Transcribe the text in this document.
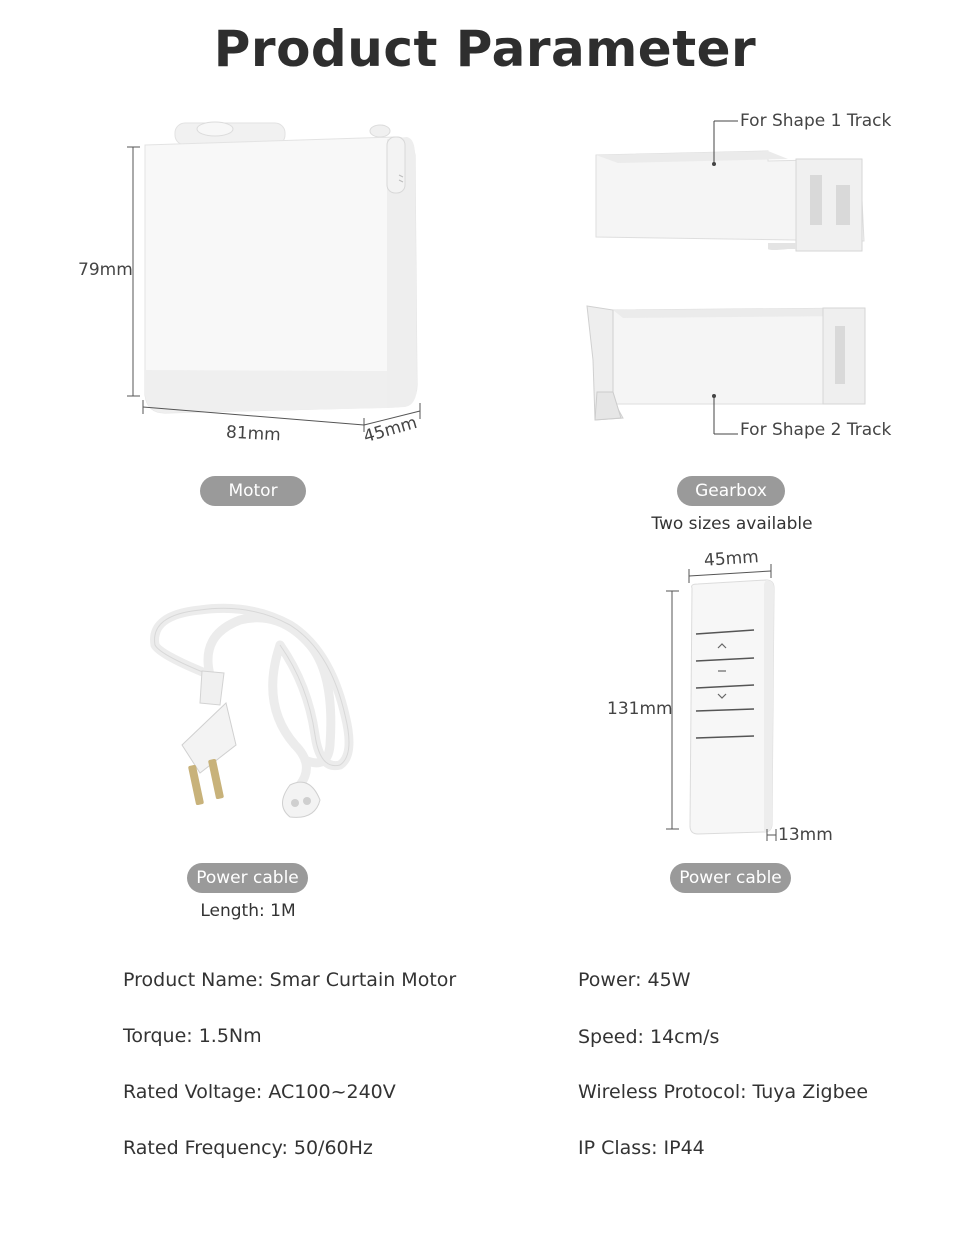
Product Parameter
79mm
81mm	45mm
Motor
For Shape 1 Track
For Shape 2 Track
Gearbox
Two sizes available
Power cable
Length: 1M
45mm
131mm
13mm
Power cable
Product Name: Smar Curtain Motor
Torque: 1.5Nm
Rated Voltage: AC100~240V
Rated Frequency: 50/60Hz
Power: 45W
Speed: 14cm/s
Wireless Protocol: Tuya Zigbee
IP Class: IP44
